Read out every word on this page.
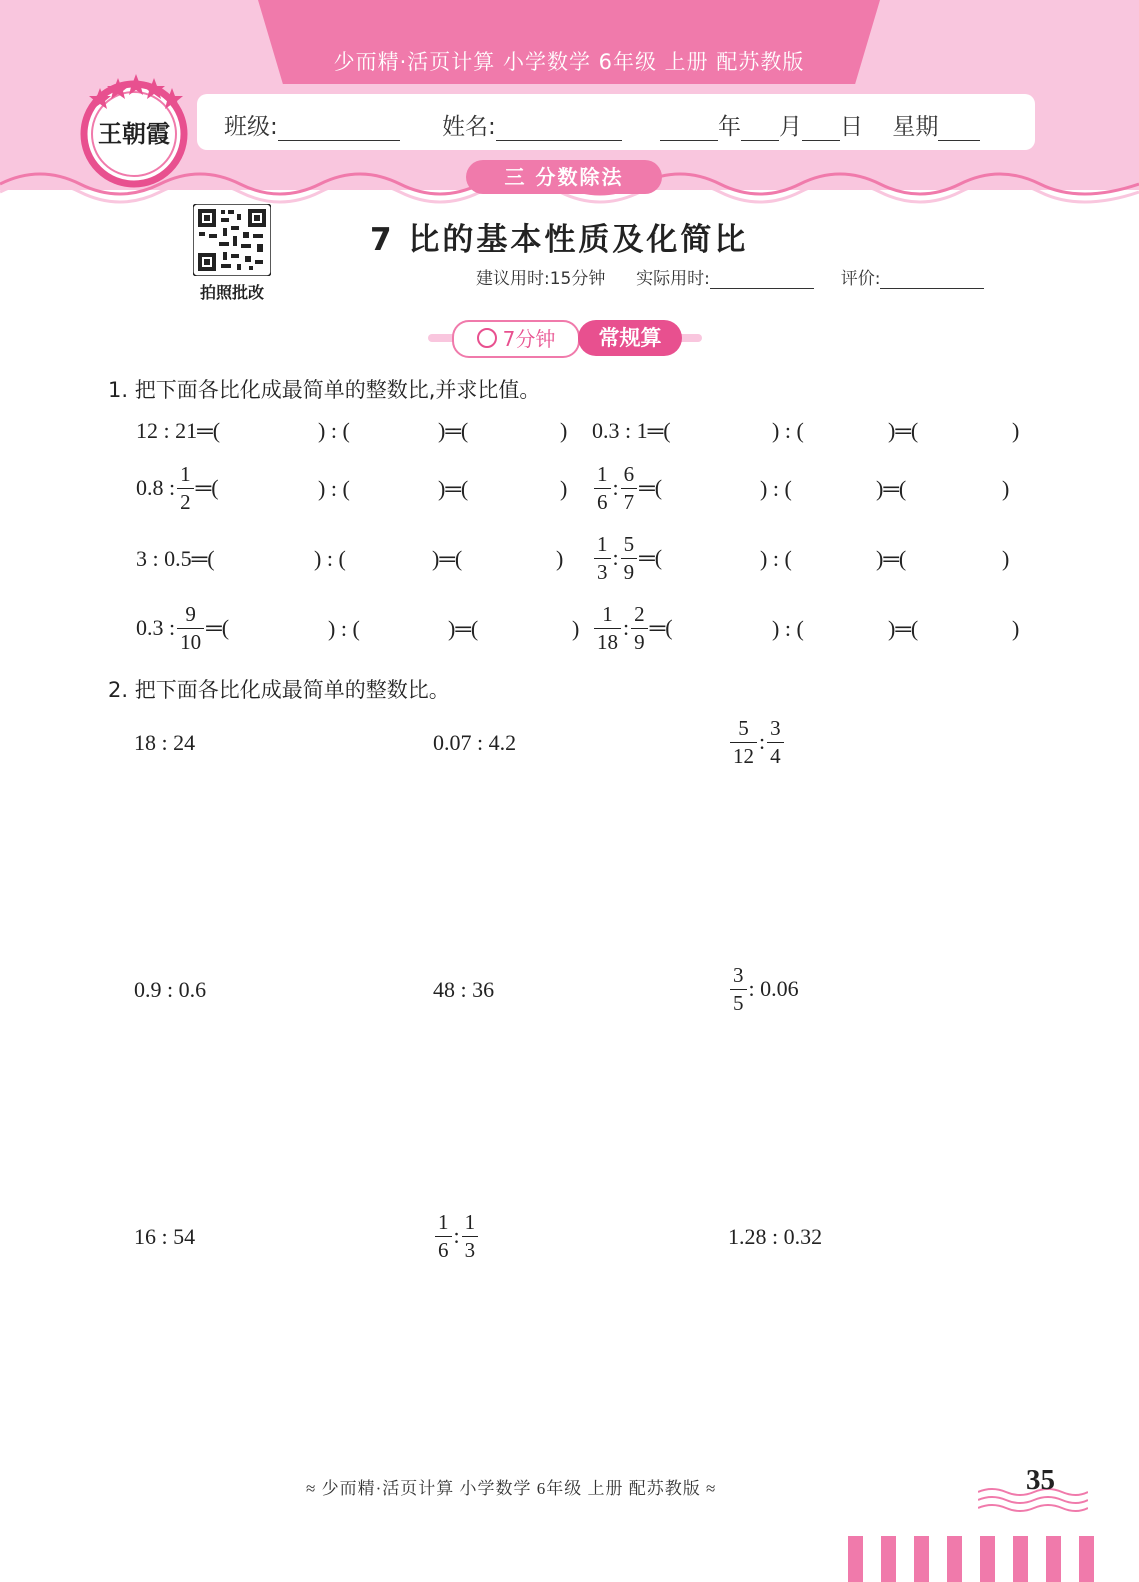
少而精·活页计算 小学数学 6年级 上册 配苏教版
班级:	姓名:	年 月 日 星期
王朝霞
三 分数除法
拍照批改
7 比的基本性质及化简比
建议用时:15分钟 实际用时:	评价:
7分钟	常规算
1. 把下面各比化成最简单的整数比,并求比值。
12 : 21═(	) : (	)═(	) 0.3 : 1═(	) : (	)═(	)
0.8 : $\frac{1}{2}$ ═(	) : (	)═(	) $\frac{1}{6}$ : $\frac{6}{7}$ ═(	) : (	)═(	)
3 : 0.5═(	) : (	)═(	) $\frac{1}{3}$ : $\frac{5}{9}$ ═(	) : (	)═(	)
0.3 : $\frac{9}{10}$ ═(	) : (	)═(	) $\frac{1}{18}$ : $\frac{2}{9}$ ═(	) : (	)═(	)
2. 把下面各比化成最简单的整数比。
18 : 24	0.07 : 4.2	$\frac{5}{12}$ : $\frac{3}{4}$
0.9 : 0.6	48 : 36	$\frac{3}{5}$ : 0.06
16 : 54	$\frac{1}{6}$ : $\frac{1}{3}$	1.28 : 0.32
≈ 少而精·活页计算 小学数学 6年级 上册 配苏教版 ≈	35
